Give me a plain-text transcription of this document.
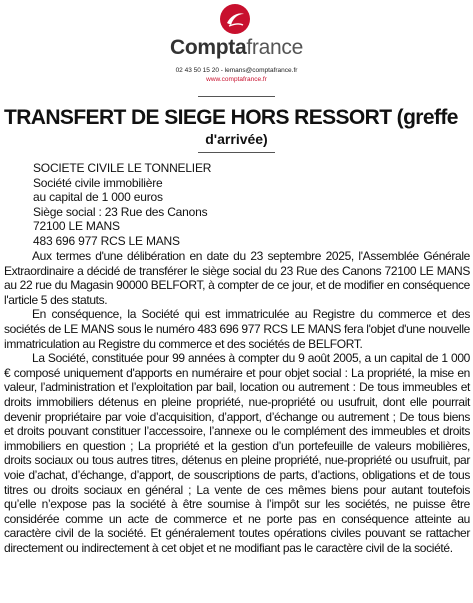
Comptafrance
02 43 50 15 20 - lemans@comptafrance.fr
www.comptafrance.fr
TRANSFERT DE SIEGE HORS RESSORT (greffe
d'arrivée)
SOCIETE CIVILE LE TONNELIER
Société civile immobilière
au capital de 1 000 euros
Siège social : 23 Rue des Canons
72100 LE MANS
483 696 977 RCS LE MANS

Aux termes d'une délibération en date du 23 septembre 2025, l'Assemblée Générale Extraordinaire a décidé de transférer le siège social du 23 Rue des Canons 72100 LE MANS au 22 rue du Magasin 90000 BELFORT, à compter de ce jour, et de modifier en conséquence l'article 5 des statuts.

En conséquence, la Société qui est immatriculée au Registre du commerce et des sociétés de LE MANS sous le numéro 483 696 977 RCS LE MANS fera l'objet d'une nouvelle immatriculation au Registre du commerce et des sociétés de BELFORT.

La Société, constituée pour 99 années à compter du 9 août 2005, a un capital de 1 000 € composé uniquement d'apports en numéraire et pour objet social : La propriété, la mise en valeur, l’administration et l’exploitation par bail, location ou autrement : De tous immeubles et droits immobiliers détenus en pleine propriété, nue-propriété ou usufruit, dont elle pourrait devenir propriétaire par voie d’acquisition, d’apport, d’échange ou autrement ; De tous biens et droits pouvant constituer l’accessoire, l’annexe ou le complément des immeubles et droits immobiliers en question ; La propriété et la gestion d’un portefeuille de valeurs mobilières, droits sociaux ou tous autres titres, détenus en pleine propriété, nue-propriété ou usufruit, par voie d’achat, d’échange, d’apport, de souscriptions de parts, d’actions, obligations et de tous titres ou droits sociaux en général ; La vente de ces mêmes biens pour autant toutefois qu’elle n’expose pas la société à être soumise à l’impôt sur les sociétés, ne puisse être considérée comme un acte de commerce et ne porte pas en conséquence atteinte au caractère civil de la société. Et généralement toutes opérations civiles pouvant se rattacher directement ou indirectement à cet objet et ne modifiant pas le caractère civil de la société.
